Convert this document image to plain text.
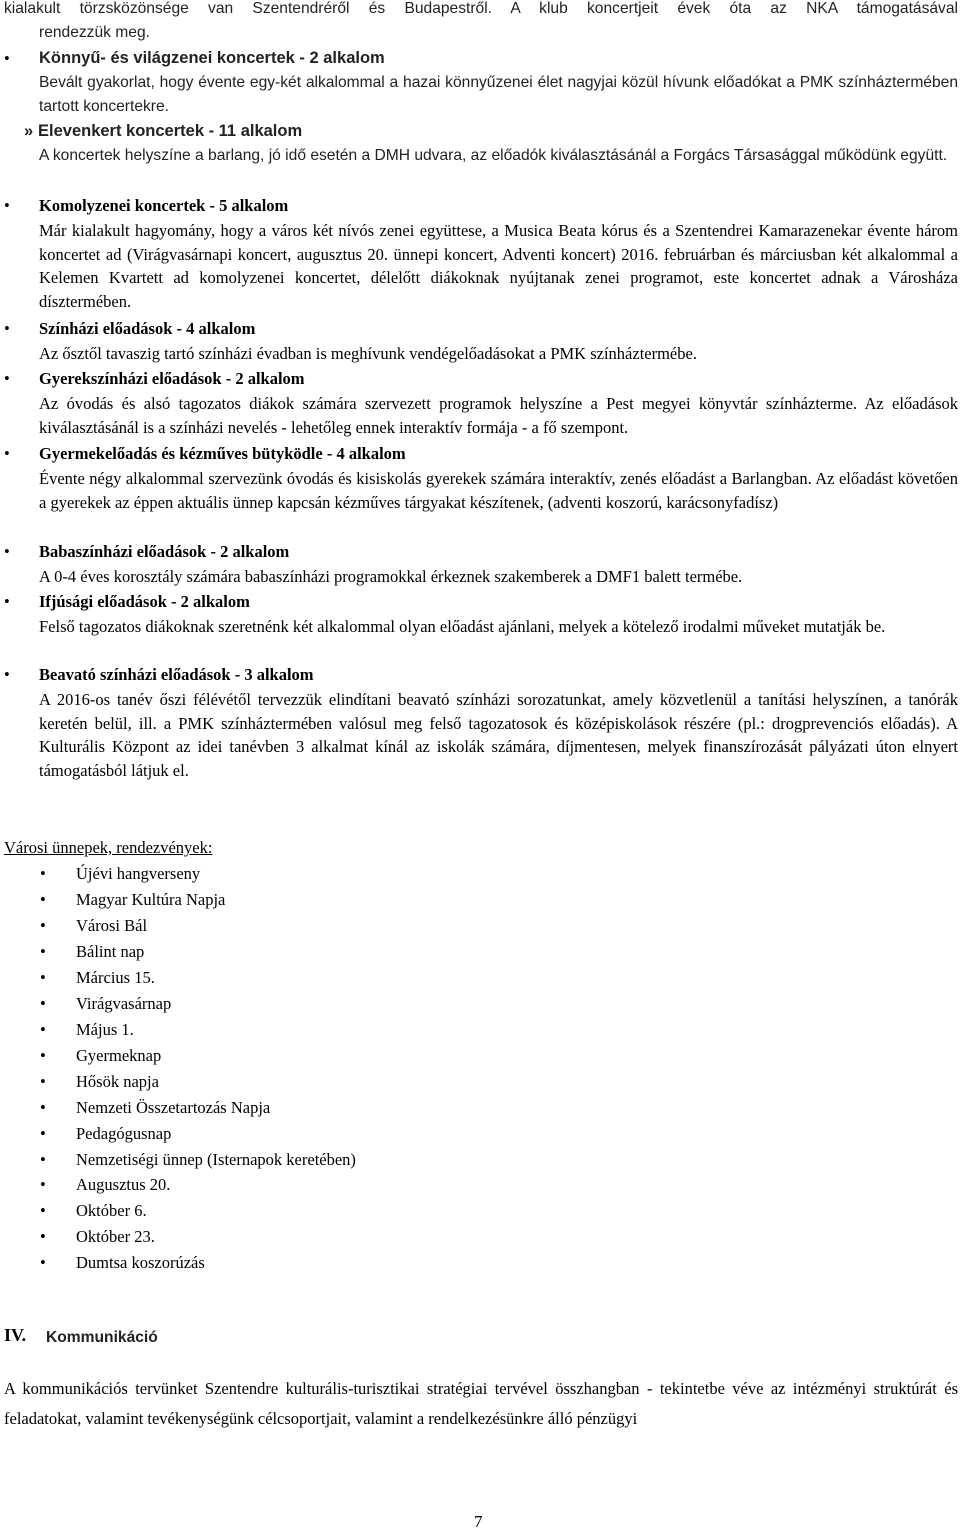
kialakult törzsközönsége van Szentendréről és Budapestről. A klub koncertjeit évek óta az NKA támogatásával
rendezzük meg.
•	Könnyű- és világzenei koncertek - 2 alkalom
Bevált gyakorlat, hogy évente egy-két alkalommal a hazai könnyűzenei élet nagyjai közül hívunk előadókat a PMK színháztermében tartott koncertekre.
» Elevenkert koncertek - 11 alkalom
A koncertek helyszíne a barlang, jó idő esetén a DMH udvara, az előadók kiválasztásánál a Forgács Társasággal működünk együtt.
•	Komolyzenei koncertek - 5 alkalom
Már kialakult hagyomány, hogy a város két nívós zenei együttese, a Musica Beata kórus és a Szentendrei Kamarazenekar évente három koncertet ad (Virágvasárnapi koncert, augusztus 20. ünnepi koncert, Adventi koncert) 2016. februárban és márciusban két alkalommal a Kelemen Kvartett ad komolyzenei koncertet, délelőtt diákoknak nyújtanak zenei programot, este koncertet adnak a Városháza dísztermében.
•	Színházi előadások - 4 alkalom
Az ősztől tavaszig tartó színházi évadban is meghívunk vendégelőadásokat a PMK színháztermébe.
•	Gyerekszínházi előadások - 2 alkalom
Az óvodás és alsó tagozatos diákok számára szervezett programok helyszíne a Pest megyei könyvtár színházterme. Az előadások kiválasztásánál is a színházi nevelés - lehetőleg ennek interaktív formája - a fő szempont.
•	Gyermekelőadás és kézműves bütyködle - 4 alkalom
Évente négy alkalommal szervezünk óvodás és kisiskolás gyerekek számára interaktív, zenés előadást a Barlangban. Az előadást követően a gyerekek az éppen aktuális ünnep kapcsán kézműves tárgyakat készítenek, (adventi koszorú, karácsonyfadísz)
•	Babaszínházi előadások - 2 alkalom
A 0-4 éves korosztály számára babaszínházi programokkal érkeznek szakemberek a DMF1 balett termébe.
•	Ifjúsági előadások - 2 alkalom
Felső tagozatos diákoknak szeretnénk két alkalommal olyan előadást ajánlani, melyek a kötelező irodalmi műveket mutatják be.
•	Beavató színházi előadások - 3 alkalom
A 2016-os tanév őszi félévétől tervezzük elindítani beavató színházi sorozatunkat, amely közvetlenül a tanítási helyszínen, a tanórák keretén belül, ill. a PMK színháztermében valósul meg felső tagozatosok és középiskolások részére (pl.: drogprevenciós előadás). A Kulturális Központ az idei tanévben 3 alkalmat kínál az iskolák számára, díjmentesen, melyek finanszírozását pályázati úton elnyert támogatásból látjuk el.
Városi ünnepek, rendezvények:
•	Újévi hangverseny
•	Magyar Kultúra Napja
•	Városi Bál
•	Bálint nap
•	Március 15.
•	Virágvasárnap
•	Május 1.
•	Gyermeknap
•	Hősök napja
•	Nemzeti Összetartozás Napja
•	Pedagógusnap
•	Nemzetiségi ünnep (Isternapok keretében)
•	Augusztus 20.
•	Október 6.
•	Október 23.
•	Dumtsa koszorúzás
IV. Kommunikáció
A kommunikációs tervünket Szentendre kulturális-turisztikai stratégiai tervével összhangban - tekintetbe véve az intézményi struktúrát és feladatokat, valamint tevékenységünk célcsoportjait, valamint a rendelkezésünkre álló pénzügyi
7
